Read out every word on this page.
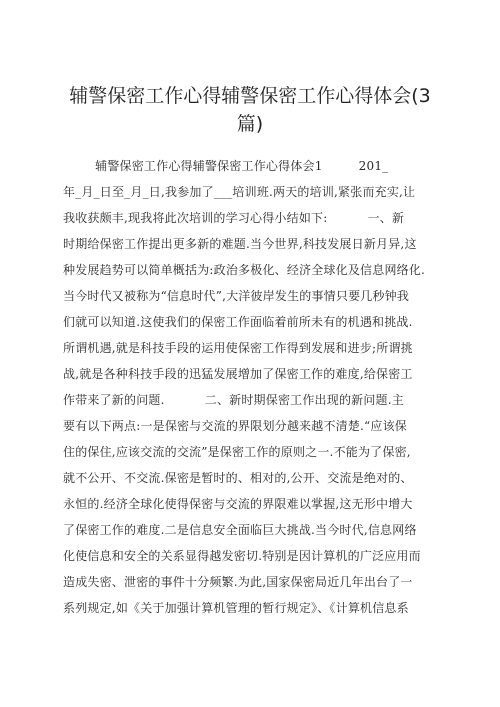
辅警保密工作心得辅警保密工作心得体会(3
篇)
辅警保密工作心得辅警保密工作心得体会1         201_
年_月_日至_月_日,我参加了___培训班.两天的培训,紧张而充实,让
我收获颇丰,现我将此次培训的学习心得小结如下:          一、新
时期给保密工作提出更多新的难题.当今世界,科技发展日新月异,这
种发展趋势可以简单概括为:政治多极化、经济全球化及信息网络化.
当今时代又被称为“信息时代”,大洋彼岸发生的事情只要几秒钟我
们就可以知道.这使我们的保密工作面临着前所未有的机遇和挑战.
所谓机遇,就是科技手段的运用使保密工作得到发展和进步;所谓挑
战,就是各种科技手段的迅猛发展增加了保密工作的难度,给保密工
作带来了新的问题.          二、新时期保密工作出现的新问题.主
要有以下两点:一是保密与交流的界限划分越来越不清楚.“应该保
住的保住,应该交流的交流”是保密工作的原则之一.不能为了保密,
就不公开、不交流.保密是暂时的、相对的,公开、交流是绝对的、
永恒的.经济全球化使得保密与交流的界限难以掌握,这无形中增大
了保密工作的难度.二是信息安全面临巨大挑战.当今时代,信息网络
化使信息和安全的关系显得越发密切.特别是因计算机的广泛应用而
造成失密、泄密的事件十分频繁.为此,国家保密局近几年出台了一
系列规定,如《关于加强计算机管理的暂行规定》、《计算机信息系
